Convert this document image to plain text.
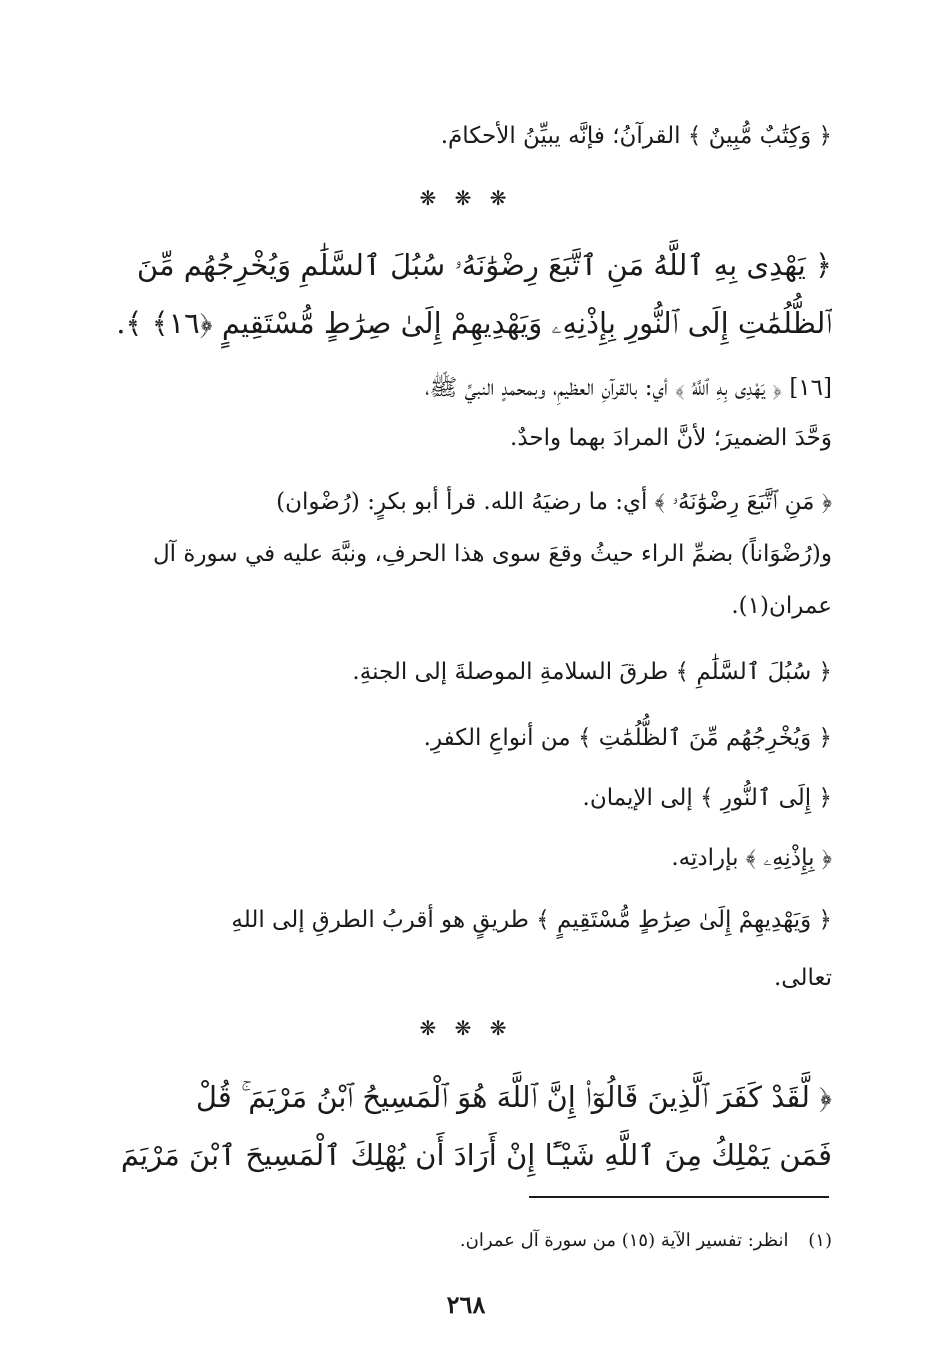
﴿ وَكِتَٰبٌ مُّبِينٌ ﴾ القرآنُ؛ فإنَّه يبيِّنُ الأحكامَ.
❋ ❋ ❋
﴿ يَهْدِى بِهِ ٱللَّهُ مَنِ ٱتَّبَعَ رِضْوَٰنَهُۥ سُبُلَ ٱلسَّلَٰمِ وَيُخْرِجُهُم مِّنَ
ٱلظُّلُمَٰتِ إِلَى ٱلنُّورِ بِإِذْنِهِۦ وَيَهْدِيهِمْ إِلَىٰ صِرَٰطٍ مُّسْتَقِيمٍ ﴿١٦﴾ ﴾.
[١٦] ﴿ يَهْدِى بِهِ ٱللَّهُ ﴾ أي: بالقرآنِ العظيمِ، وبمحمدٍ النبيِّ ﷺ،
وَحَّدَ الضميرَ؛ لأنَّ المرادَ بهما واحدٌ.
﴿ مَنِ ٱتَّبَعَ رِضْوَٰنَهُۥ ﴾ أي: ما رضيَهُ الله. قرأ أبو بكرٍ: (رُضْوان)
و(رُضْوَاناً) بضمِّ الراء حيثُ وقعَ سوى هذا الحرفِ، ونبَّهَ عليه في سورة آل
عمران(١).
﴿ سُبُلَ ٱلسَّلَٰمِ ﴾ طرقَ السلامةِ الموصلةَ إلى الجنةِ.
﴿ وَيُخْرِجُهُم مِّنَ ٱلظُّلُمَٰتِ ﴾ من أنواعِ الكفرِ.
﴿ إِلَى ٱلنُّورِ ﴾ إلى الإيمان.
﴿ بِإِذْنِهِۦ ﴾ بإرادتِه.
﴿ وَيَهْدِيهِمْ إِلَىٰ صِرَٰطٍ مُّسْتَقِيمٍ ﴾ طريقٍ هو أقربُ الطرقِ إلى اللهِ
تعالى.
❋ ❋ ❋
﴿ لَّقَدْ كَفَرَ ٱلَّذِينَ قَالُوٓا۟ إِنَّ ٱللَّهَ هُوَ ٱلْمَسِيحُ ٱبْنُ مَرْيَمَ ۚ قُلْ
فَمَن يَمْلِكُ مِنَ ٱللَّهِ شَيْـًٔا إِنْ أَرَادَ أَن يُهْلِكَ ٱلْمَسِيحَ ٱبْنَ مَرْيَمَ
(١) انظر: تفسير الآية (١٥) من سورة آل عمران.
٢٦٨
